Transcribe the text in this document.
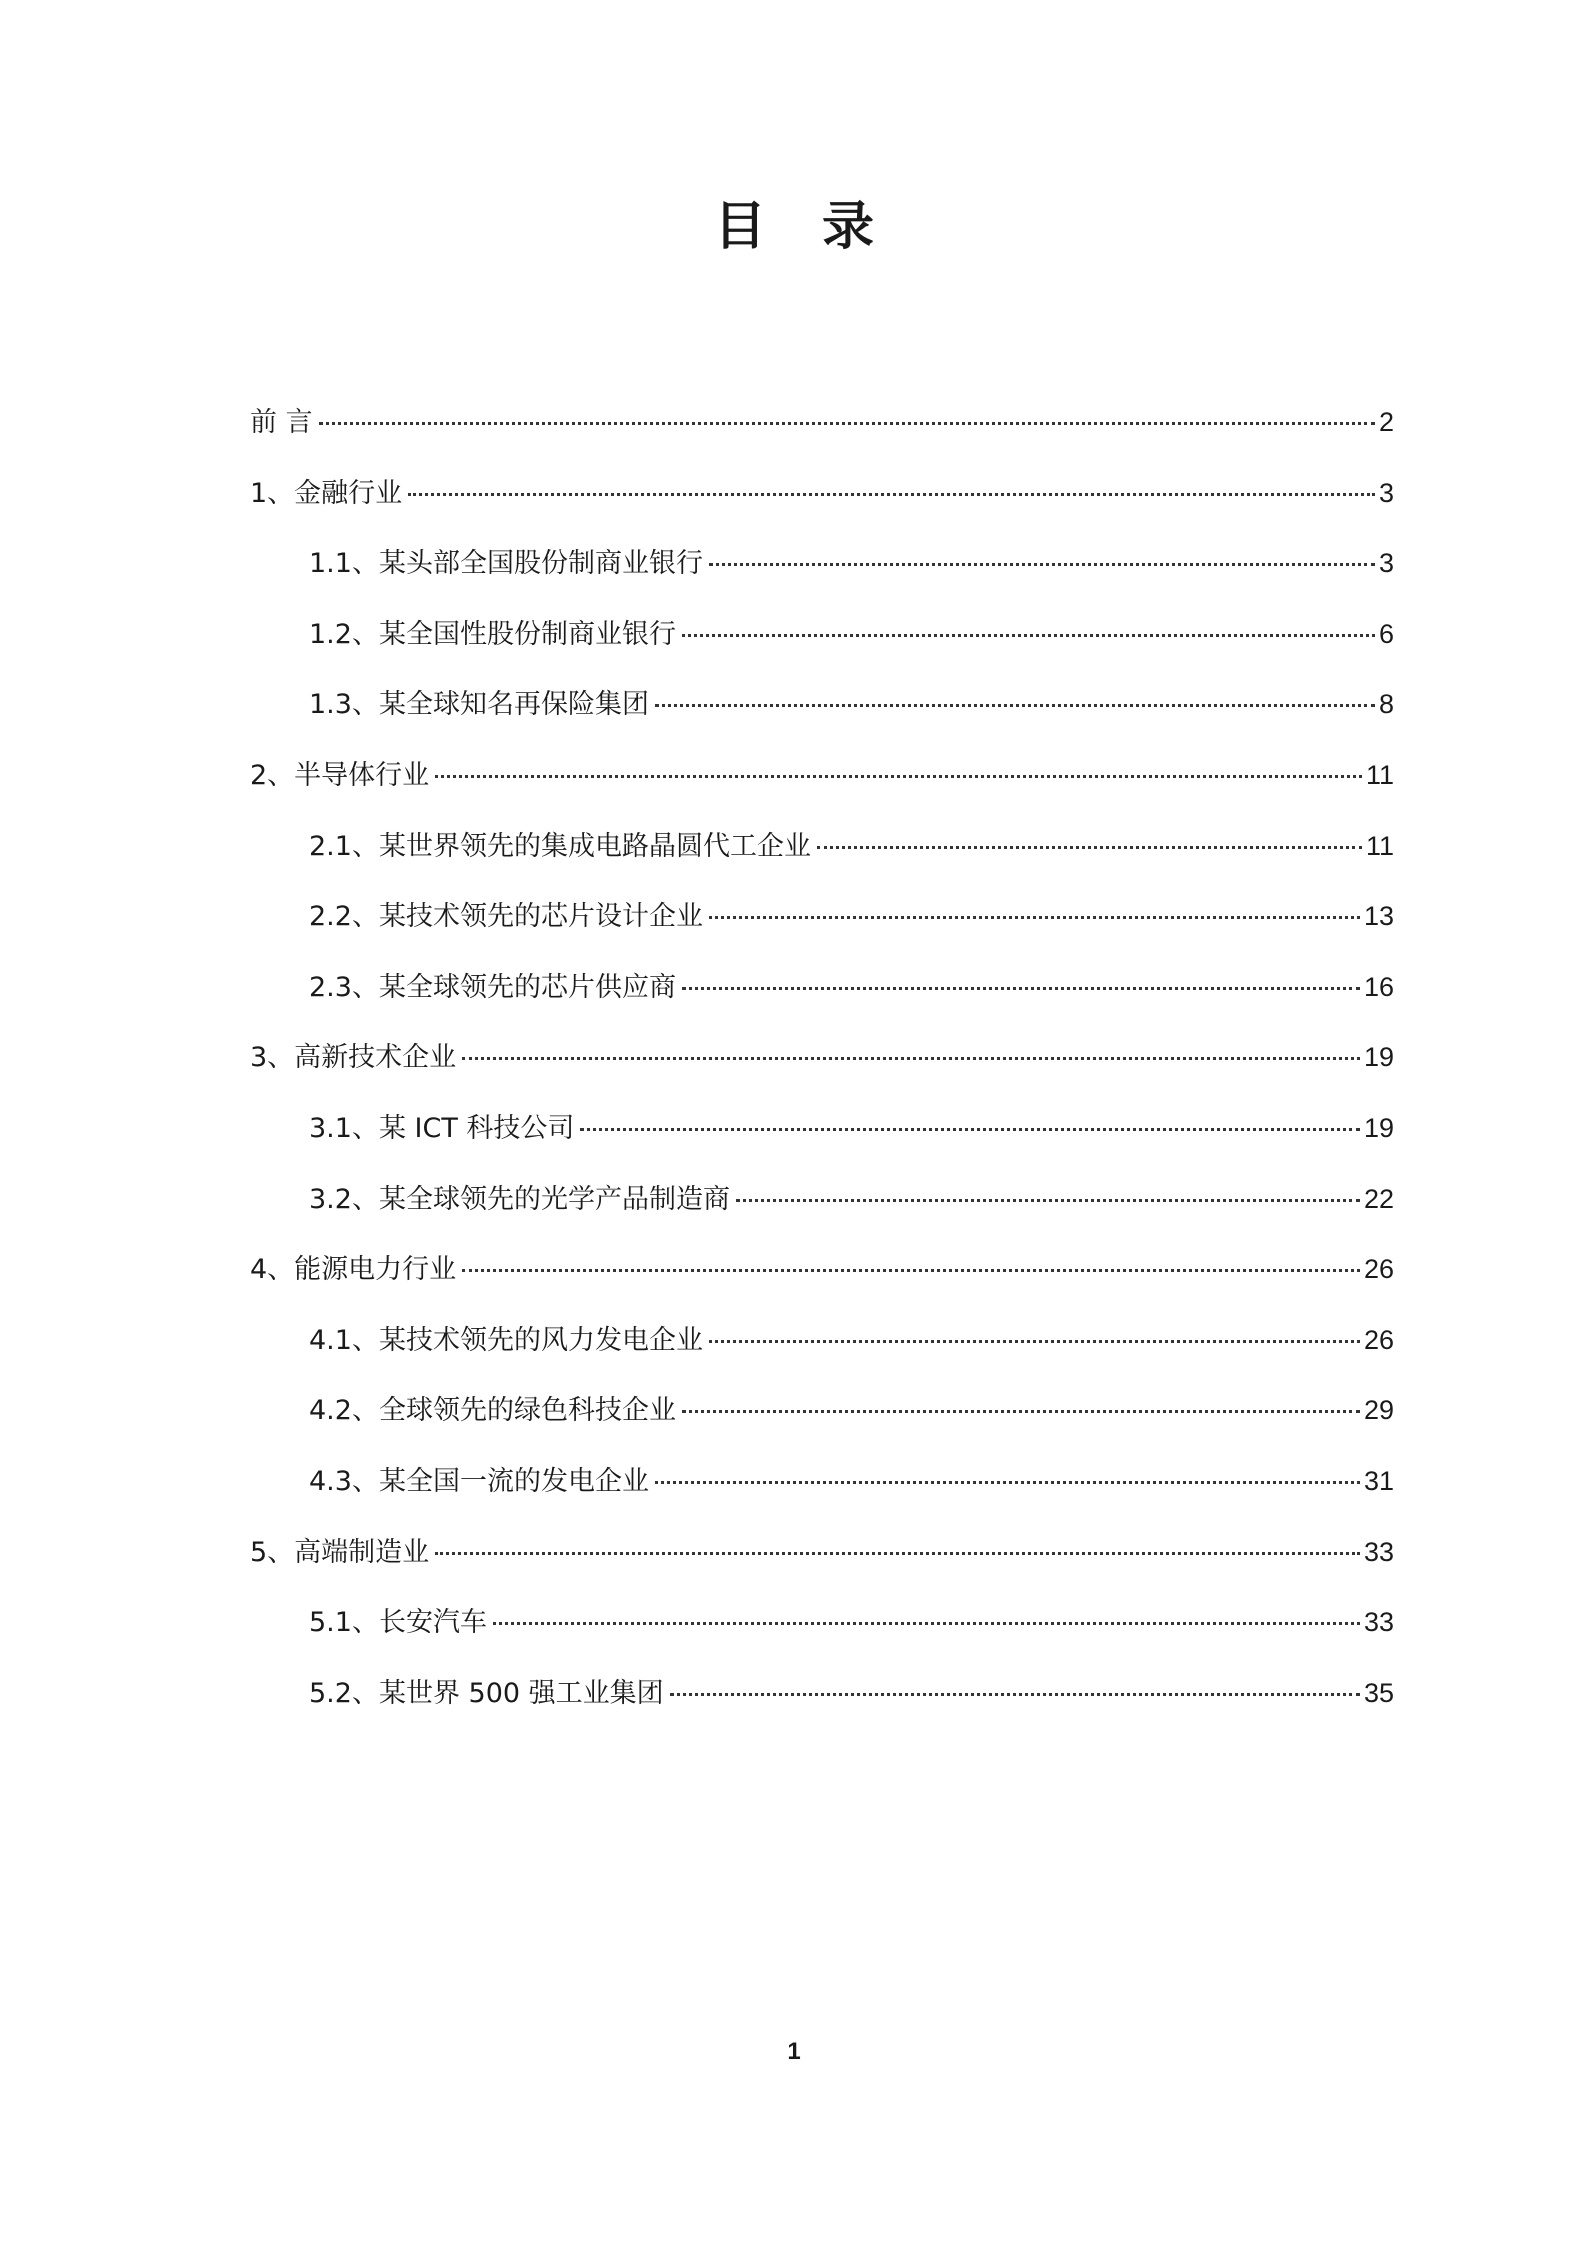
目录
前 言	2
1、金融行业	3
1.1、某头部全国股份制商业银行	3
1.2、某全国性股份制商业银行	6
1.3、某全球知名再保险集团	8
2、半导体行业	11
2.1、某世界领先的集成电路晶圆代工企业	11
2.2、某技术领先的芯片设计企业	13
2.3、某全球领先的芯片供应商	16
3、高新技术企业	19
3.1、某 ICT 科技公司	19
3.2、某全球领先的光学产品制造商	22
4、能源电力行业	26
4.1、某技术领先的风力发电企业	26
4.2、全球领先的绿色科技企业	29
4.3、某全国一流的发电企业	31
5、高端制造业	33
5.1、长安汽车	33
5.2、某世界 500 强工业集团	35
1
